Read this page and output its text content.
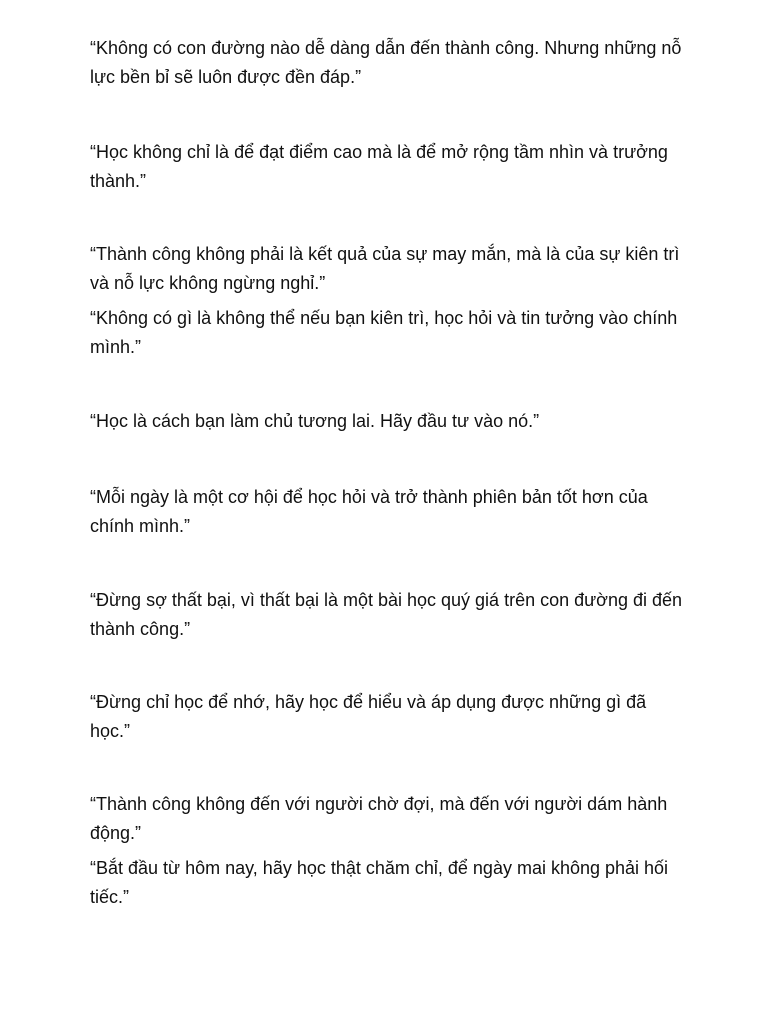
“Không có con đường nào dễ dàng dẫn đến thành công. Nhưng những nỗ lực bền bỉ sẽ luôn được đền đáp.”

“Học không chỉ là để đạt điểm cao mà là để mở rộng tầm nhìn và trưởng thành.”

“Thành công không phải là kết quả của sự may mắn, mà là của sự kiên trì và nỗ lực không ngừng nghỉ.”

“Không có gì là không thể nếu bạn kiên trì, học hỏi và tin tưởng vào chính mình.”

“Học là cách bạn làm chủ tương lai. Hãy đầu tư vào nó.”

“Mỗi ngày là một cơ hội để học hỏi và trở thành phiên bản tốt hơn của chính mình.”

“Đừng sợ thất bại, vì thất bại là một bài học quý giá trên con đường đi đến thành công.”

“Đừng chỉ học để nhớ, hãy học để hiểu và áp dụng được những gì đã học.”

“Thành công không đến với người chờ đợi, mà đến với người dám hành động.”

“Bắt đầu từ hôm nay, hãy học thật chăm chỉ, để ngày mai không phải hối tiếc.”
